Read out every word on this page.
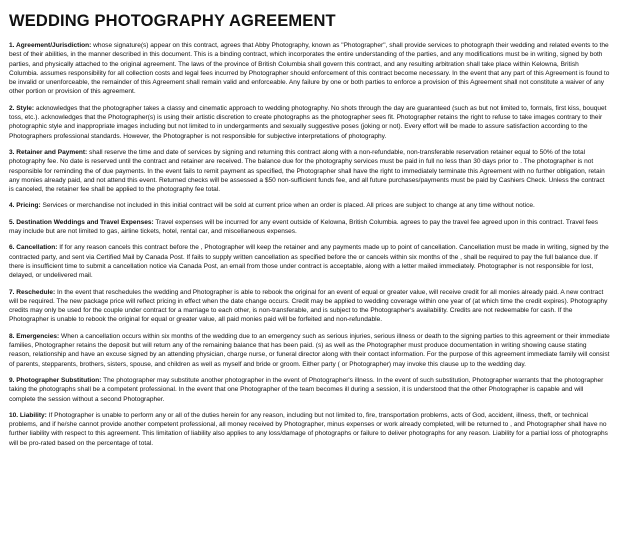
WEDDING PHOTOGRAPHY AGREEMENT

1. Agreement/Jurisdiction: whose signature(s) appear on this contract, agrees that Abby Photography, known as "Photographer", shall provide services to photograph their wedding and related events to the best of their abilities, in the manner described in this document. This is a binding contract, which incorporates the entire understanding of the parties, and any modifications must be in writing, signed by both parties, and physically attached to the original agreement. The laws of the province of British Columbia shall govern this contract, and any resulting arbitration shall take place within Kelowna, British Columbia. assumes responsibility for all collection costs and legal fees incurred by Photographer should enforcement of this contract become necessary. In the event that any part of this Agreement is found to be invalid or unenforceable, the remainder of this Agreement shall remain valid and enforceable. Any failure by one or both parties to enforce a provision of this Agreement shall not constitute a waiver of any other portion or provision of this agreement.

2. Style: acknowledges that the photographer takes a classy and cinematic approach to wedding photography. No shots through the day are guaranteed (such as but not limited to, formals, first kiss, bouquet toss, etc.). acknowledges that the Photographer(s) is using their artistic discretion to create photographs as the photographer sees fit. Photographer retains the right to refuse to take images contrary to their photographic style and inappropriate images including but not limited to in undergarments and sexually suggestive poses (joking or not). Every effort will be made to assure satisfaction according to the Photographers professional standards. However, the Photographer is not responsible for subjective interpretations of photography.

3. Retainer and Payment: shall reserve the time and date of services by signing and returning this contract along with a non-refundable, non-transferable reservation retainer equal to 50% of the total photography fee. No date is reserved until the contract and retainer are received. The balance due for the photography services must be paid in full no less than 30 days prior to . The photographer is not responsible for reminding the of due payments. In the event fails to remit payment as specified, the Photographer shall have the right to immediately terminate this Agreement with no further obligation, retain any monies already paid, and not attend this event. Returned checks will be assessed a $50 non-sufficient funds fee, and all future purchases/payments must be paid by Cashiers Check. Unless the contract is canceled, the retainer fee shall be applied to the photography fee total.

4. Pricing: Services or merchandise not included in this initial contract will be sold at current price when an order is placed. All prices are subject to change at any time without notice.

5. Destination Weddings and Travel Expenses: Travel expenses will be incurred for any event outside of Kelowna, British Columbia. agrees to pay the travel fee agreed upon in this contract. Travel fees may include but are not limited to gas, airline tickets, hotel, rental car, and miscellaneous expenses.

6. Cancellation: If for any reason cancels this contract before the , Photographer will keep the retainer and any payments made up to point of cancellation. Cancellation must be made in writing, signed by the contracted party, and sent via Certified Mail by Canada Post. If fails to supply written cancellation as specified before the or cancels within six months of the , shall be required to pay the full balance due. If there is insufficient time to submit a cancellation notice via Canada Post, an email from those under contract is acceptable, along with a letter mailed immediately. Photographer is not responsible for lost, delayed, or undelivered mail.

7. Reschedule: In the event that reschedules the wedding and Photographer is able to rebook the original for an event of equal or greater value, will receive credit for all monies already paid. A new contract will be required. The new package price will reflect pricing in effect when the date change occurs. Credit may be applied to wedding coverage within one year of (at which time the credit expires). Photography credits may only be used for the couple under contract for a marriage to each other, is non-transferable, and is subject to the Photographer's availability. Credits are not redeemable for cash. If the Photographer is unable to rebook the original for equal or greater value, all paid monies paid will be forfeited and non-refundable.

8. Emergencies: When a cancellation occurs within six months of the wedding due to an emergency such as serious injuries, serious illness or death to the signing parties to this agreement or their immediate families, Photographer retains the deposit but will return any of the remaining balance that has been paid. (s) as well as the Photographer must produce documentation in writing showing cause stating reason, relationship and have an excuse signed by an attending physician, charge nurse, or funeral director along with their contact information. For the purpose of this agreement immediate family will consist of parents, stepparents, brothers, sisters, spouse, and children as well as myself and bride or groom. Either party ( or Photographer) may invoke this clause up to the wedding day.

9. Photographer Substitution: The photographer may substitute another photographer in the event of Photographer's illness. In the event of such substitution, Photographer warrants that the photographer taking the photographs shall be a competent professional. In the event that one Photographer of the team becomes ill during a session, it is understood that the other Photographer is capable and will complete the session without a second Photographer.

10. Liability: If Photographer is unable to perform any or all of the duties herein for any reason, including but not limited to, fire, transportation problems, acts of God, accident, illness, theft, or technical problems, and if he/she cannot provide another competent professional, all money received by Photographer, minus expenses or work already completed, will be returned to , and Photographer shall have no further liability with respect to this agreement. This limitation of liability also applies to any loss/damage of photographs or failure to deliver photographs for any reason. Liability for a partial loss of photographs will be pro-rated based on the percentage of total.
